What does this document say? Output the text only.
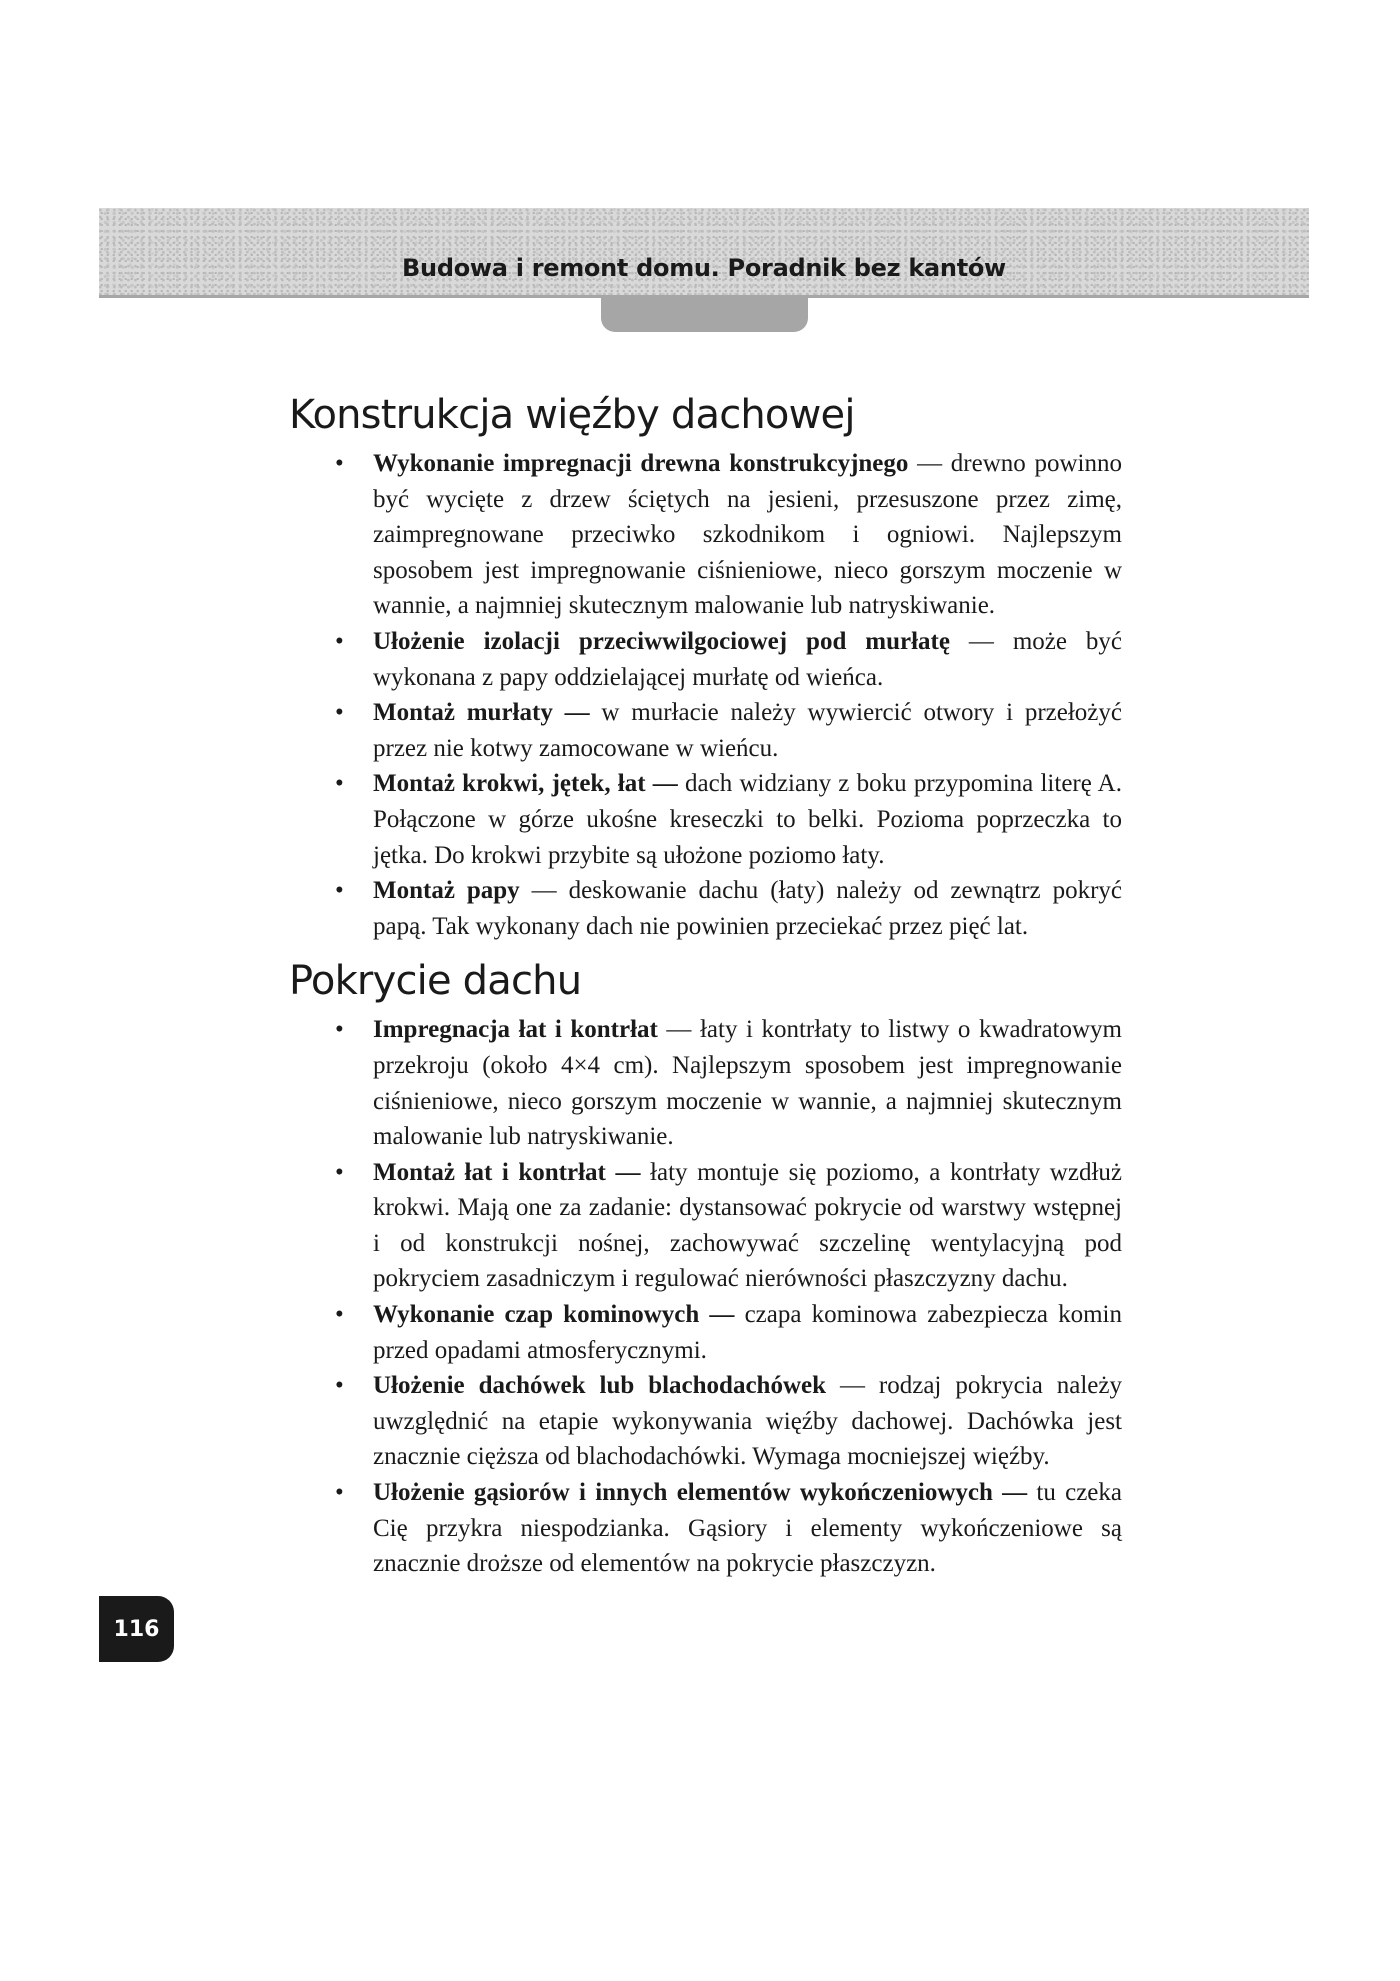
Budowa i remont domu. Poradnik bez kantów
Konstrukcja więźby dachowej
• Wykonanie impregnacji drewna konstrukcyjnego — drewno powinno być wycięte z drzew ściętych na jesieni, przesuszone przez zimę, zaimpregnowane przeciwko szkodnikom i ogniowi. Najlepszym sposobem jest impregnowanie ciśnieniowe, nieco gorszym moczenie w wannie, a najmniej skutecznym malowanie lub natryskiwanie.
• Ułożenie izolacji przeciwwilgociowej pod murłatę — może być wykonana z papy oddzielającej murłatę od wieńca.
• Montaż murłaty — w murłacie należy wywiercić otwory i przełożyć przez nie kotwy zamocowane w wieńcu.
• Montaż krokwi, jętek, łat — dach widziany z boku przypomina literę A. Połączone w górze ukośne kreseczki to belki. Pozioma poprzeczka to jętka. Do krokwi przybite są ułożone poziomo łaty.
• Montaż papy — deskowanie dachu (łaty) należy od zewnątrz pokryć papą. Tak wykonany dach nie powinien przeciekać przez pięć lat.
Pokrycie dachu
• Impregnacja łat i kontrłat — łaty i kontrłaty to listwy o kwadratowym przekroju (około 4×4 cm). Najlepszym sposobem jest impregnowanie ciśnieniowe, nieco gorszym moczenie w wannie, a najmniej skutecznym malowanie lub natryskiwanie.
• Montaż łat i kontrłat — łaty montuje się poziomo, a kontrłaty wzdłuż krokwi. Mają one za zadanie: dystansować pokrycie od warstwy wstępnej i od konstrukcji nośnej, zachowywać szczelinę wentylacyjną pod pokryciem zasadniczym i regulować nierówności płaszczyzny dachu.
• Wykonanie czap kominowych — czapa kominowa zabezpiecza komin przed opadami atmosferycznymi.
• Ułożenie dachówek lub blachodachówek — rodzaj pokrycia należy uwzględnić na etapie wykonywania więźby dachowej. Dachówka jest znacznie cięższa od blachodachówki. Wymaga mocniejszej więźby.
• Ułożenie gąsiorów i innych elementów wykończeniowych — tu czeka Cię przykra niespodzianka. Gąsiory i elementy wykończeniowe są znacznie droższe od elementów na pokrycie płaszczyzn.
116
